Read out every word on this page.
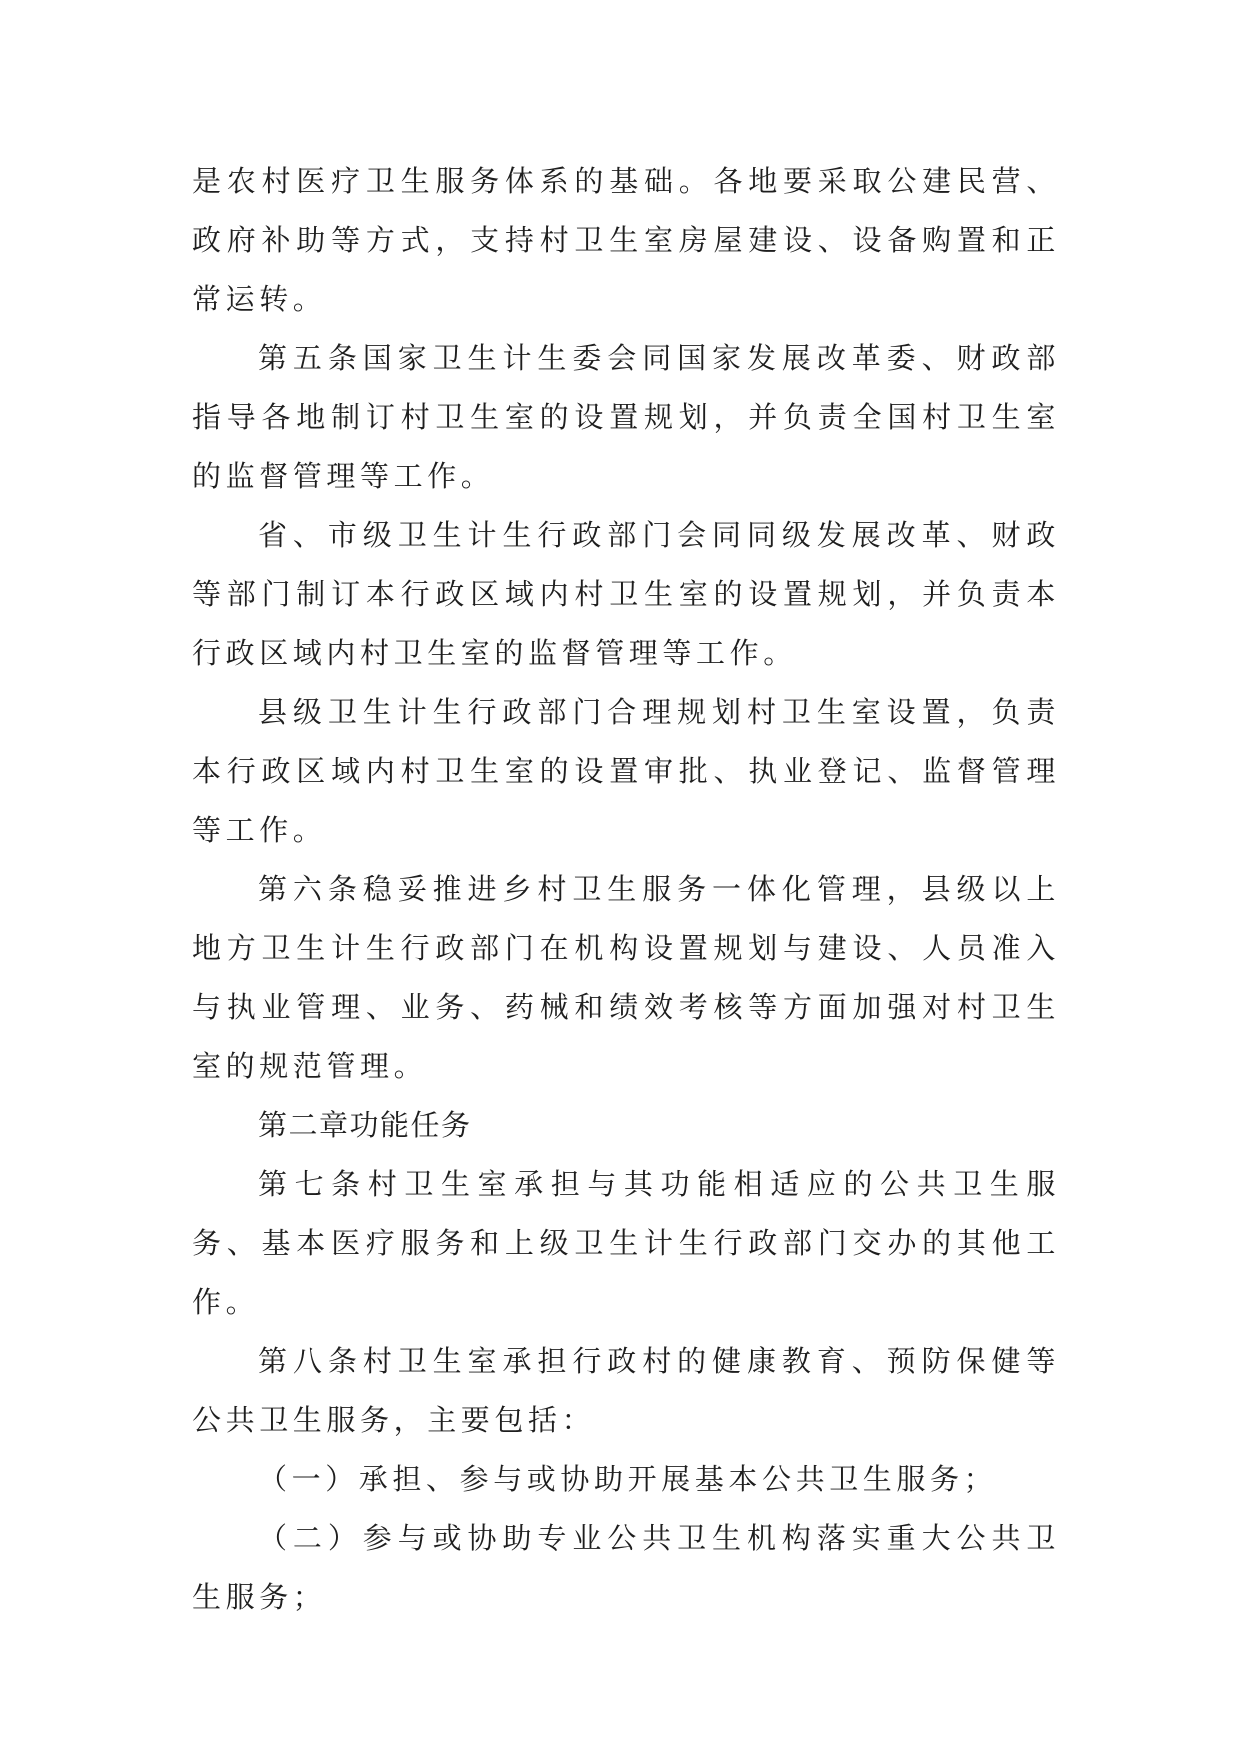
是农村医疗卫生服务体系的基础。各地要采取公建民营、政府补助等方式，支持村卫生室房屋建设、设备购置和正常运转。

第五条国家卫生计生委会同国家发展改革委、财政部指导各地制订村卫生室的设置规划，并负责全国村卫生室的监督管理等工作。

省、市级卫生计生行政部门会同同级发展改革、财政等部门制订本行政区域内村卫生室的设置规划，并负责本行政区域内村卫生室的监督管理等工作。

县级卫生计生行政部门合理规划村卫生室设置，负责本行政区域内村卫生室的设置审批、执业登记、监督管理等工作。

第六条稳妥推进乡村卫生服务一体化管理，县级以上地方卫生计生行政部门在机构设置规划与建设、人员准入与执业管理、业务、药械和绩效考核等方面加强对村卫生室的规范管理。

第二章功能任务

第七条村卫生室承担与其功能相适应的公共卫生服务、基本医疗服务和上级卫生计生行政部门交办的其他工作。

第八条村卫生室承担行政村的健康教育、预防保健等公共卫生服务，主要包括：

（一）承担、参与或协助开展基本公共卫生服务；

（二）参与或协助专业公共卫生机构落实重大公共卫生服务；
